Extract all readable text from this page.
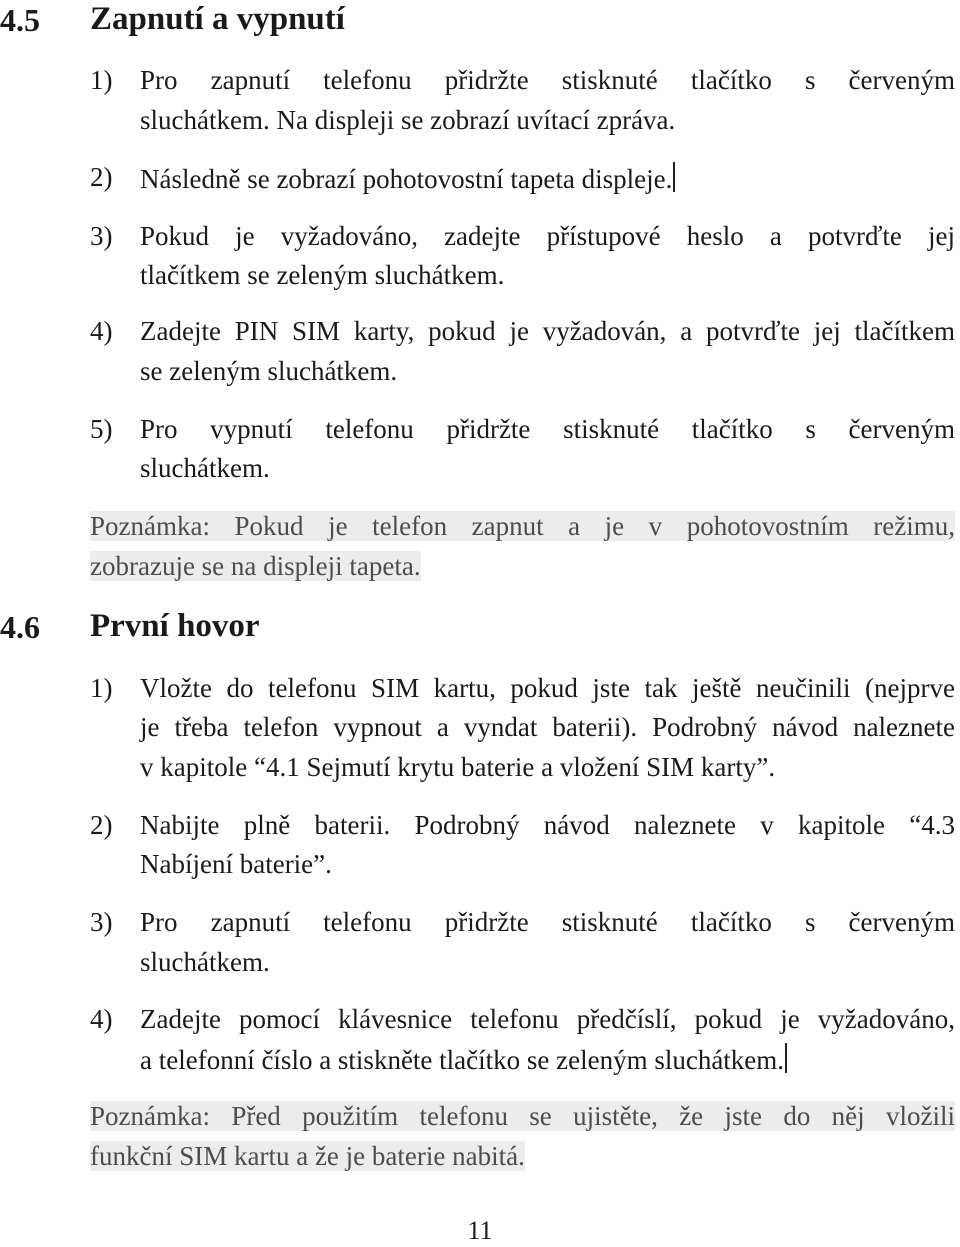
4.5 Zapnutí a vypnutí
1) Pro zapnutí telefonu přidržte stisknuté tlačítko s červeným
sluchátkem. Na displeji se zobrazí uvítací zpráva.
2) Následně se zobrazí pohotovostní tapeta displeje.
3) Pokud je vyžadováno, zadejte přístupové heslo a potvrďte jej
tlačítkem se zeleným sluchátkem.
4) Zadejte PIN SIM karty, pokud je vyžadován, a potvrďte jej tlačítkem
se zeleným sluchátkem.
5) Pro vypnutí telefonu přidržte stisknuté tlačítko s červeným
sluchátkem.
Poznámka: Pokud je telefon zapnut a je v pohotovostním režimu,
zobrazuje se na displeji tapeta.
4.6 První hovor
1) Vložte do telefonu SIM kartu, pokud jste tak ještě neučinili (nejprve
je třeba telefon vypnout a vyndat baterii). Podrobný návod naleznete
v kapitole “4.1 Sejmutí krytu baterie a vložení SIM karty”.
2) Nabijte plně baterii. Podrobný návod naleznete v kapitole “4.3
Nabíjení baterie”.
3) Pro zapnutí telefonu přidržte stisknuté tlačítko s červeným
sluchátkem.
4) Zadejte pomocí klávesnice telefonu předčíslí, pokud je vyžadováno,
a telefonní číslo a stiskněte tlačítko se zeleným sluchátkem.
Poznámka: Před použitím telefonu se ujistěte, že jste do něj vložili
funkční SIM kartu a že je baterie nabitá.
11
